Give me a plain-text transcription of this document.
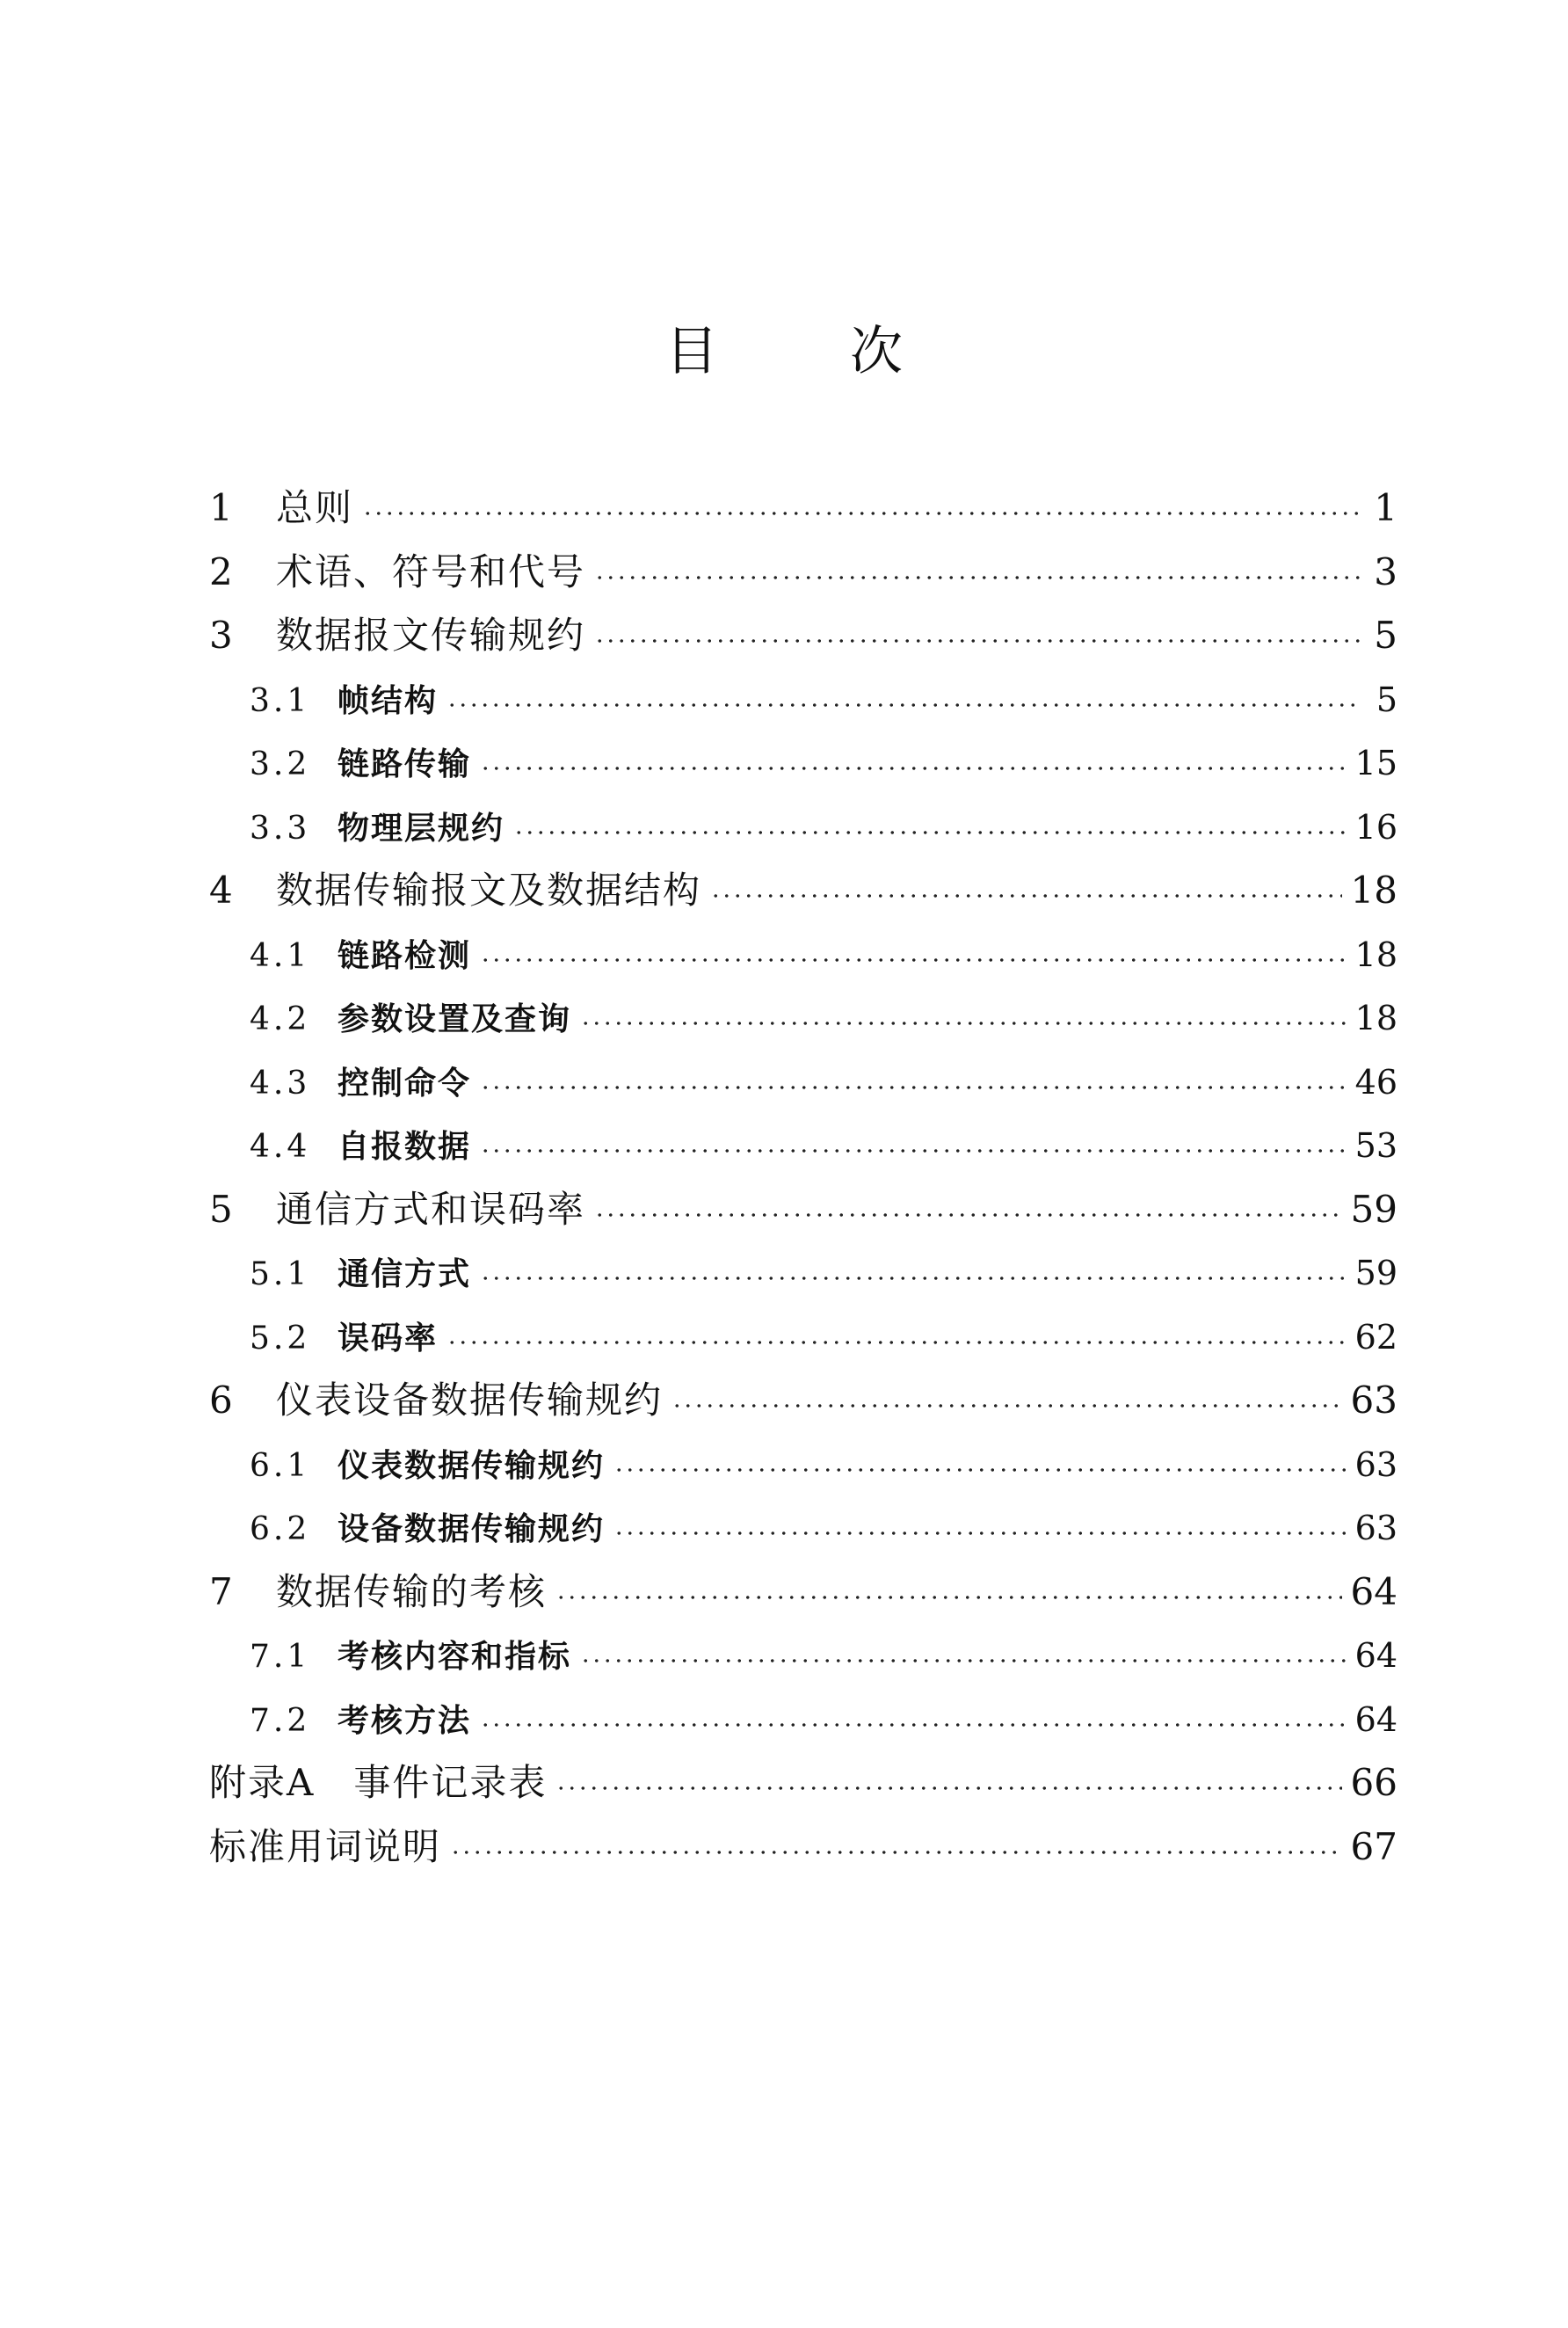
目	次
1	总则	1
2	术语、符号和代号	3
3	数据报文传输规约	5
3.1 帧结构	5
3.2 链路传输	15
3.3 物理层规约	16
4	数据传输报文及数据结构	18
4.1 链路检测	18
4.2 参数设置及查询	18
4.3 控制命令	46
4.4 自报数据	53
5	通信方式和误码率	59
5.1 通信方式	59
5.2 误码率	62
6	仪表设备数据传输规约	63
6.1 仪表数据传输规约	63
6.2 设备数据传输规约	63
7	数据传输的考核	64
7.1 考核内容和指标	64
7.2 考核方法	64
附录A　事件记录表	66
标准用词说明	67
